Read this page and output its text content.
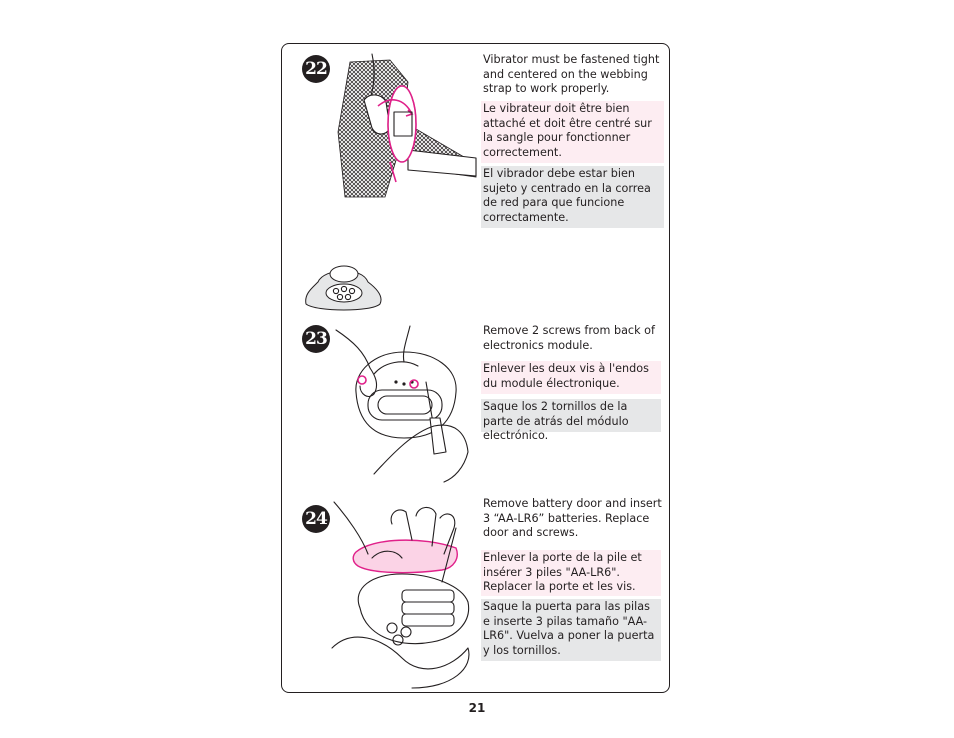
22	Vibrator must be fastened tight and centered on the webbing strap to work properly.

Le vibrateur doit être bien attaché et doit être centré sur la sangle pour fonctionner correctement.

El vibrador debe estar bien sujeto y centrado en la correa de red para que funcione correctamente.

23	Remove 2 screws from back of electronics module.

Enlever les deux vis à l'endos du module électronique.

Saque los 2 tornillos de la parte de atrás del módulo electrónico.

24

Remove battery door and insert 3 “AA-LR6” batteries. Replace door and screws.

Enlever la porte de la pile et insérer 3 piles "AA-LR6". Replacer la porte et les vis.

Saque la puerta para las pilas e inserte 3 pilas tamaño "AA-LR6". Vuelva a poner la puerta y los tornillos.

21
